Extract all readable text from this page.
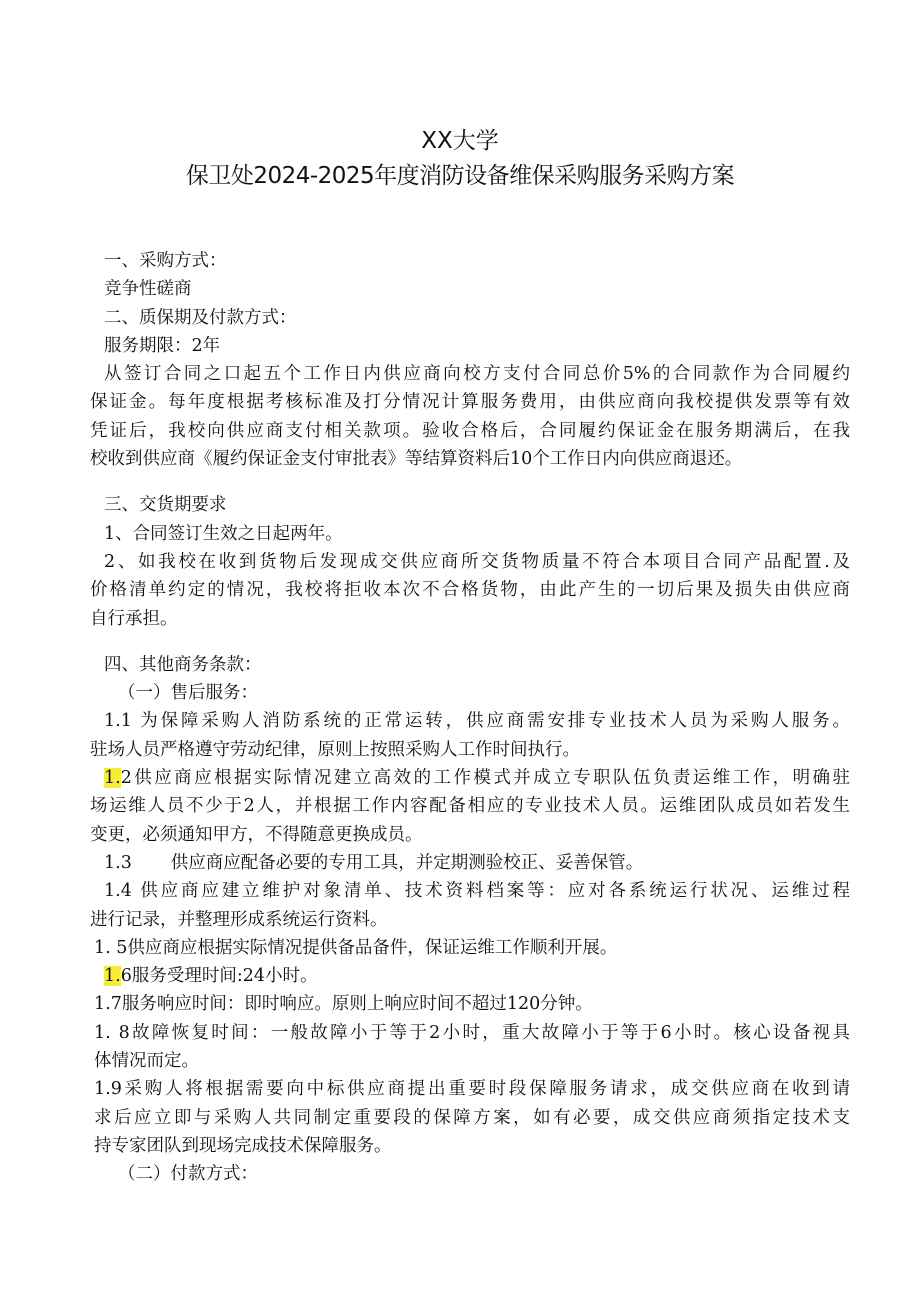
XX大学
保卫处2024-2025年度消防设备维保采购服务采购方案
一、采购方式：
竞争性磋商
二、质保期及付款方式：
服务期限：2年
从签订合同之口起五个工作日内供应商向校方支付合同总价5%的合同款作为合同履约
保证金。每年度根据考核标准及打分情况计算服务费用，由供应商向我校提供发票等有效
凭证后，我校向供应商支付相关款项。验收合格后，合同履约保证金在服务期满后，在我
校收到供应商《履约保证金支付审批表》等结算资料后10个工作日内向供应商退还。
三、交货期要求
1、合同签订生效之日起两年。
2、如我校在收到货物后发现成交供应商所交货物质量不符合本项目合同产品配置.及
价格清单约定的情况，我校将拒收本次不合格货物，由此产生的一切后果及损失由供应商
自行承担。
四、其他商务条款：
（一）售后服务：
1.1 为保障采购人消防系统的正常运转，供应商需安排专业技术人员为采购人服务。
驻场人员严格遵守劳动纪律，原则上按照采购人工作时间执行。
1.2供应商应根据实际情况建立高效的工作模式并成立专职队伍负责运维工作，明确驻
场运维人员不少于2人，并根据工作内容配备相应的专业技术人员。运维团队成员如若发生
变更，必须通知甲方，不得随意更换成员。
1.3       供应商应配备必要的专用工具，并定期测验校正、妥善保管。
1.4 供应商应建立维护对象清单、技术资料档案等：应对各系统运行状况、运维过程
进行记录，并整理形成系统运行资料。
1. 5供应商应根据实际情况提供备品备件，保证运维工作顺利开展。
1.6服务受理时间:24小时。
1.7服务响应时间：即时响应。原则上响应时间不超过120分钟。
1. 8故障恢复时间：一般故障小于等于2小时，重大故障小于等于6小时。核心设备视具
体情况而定。
1.9采购人将根据需要向中标供应商提出重要时段保障服务请求，成交供应商在收到请
求后应立即与采购人共同制定重要段的保障方案，如有必要，成交供应商须指定技术支
持专家团队到现场完成技术保障服务。
（二）付款方式：
